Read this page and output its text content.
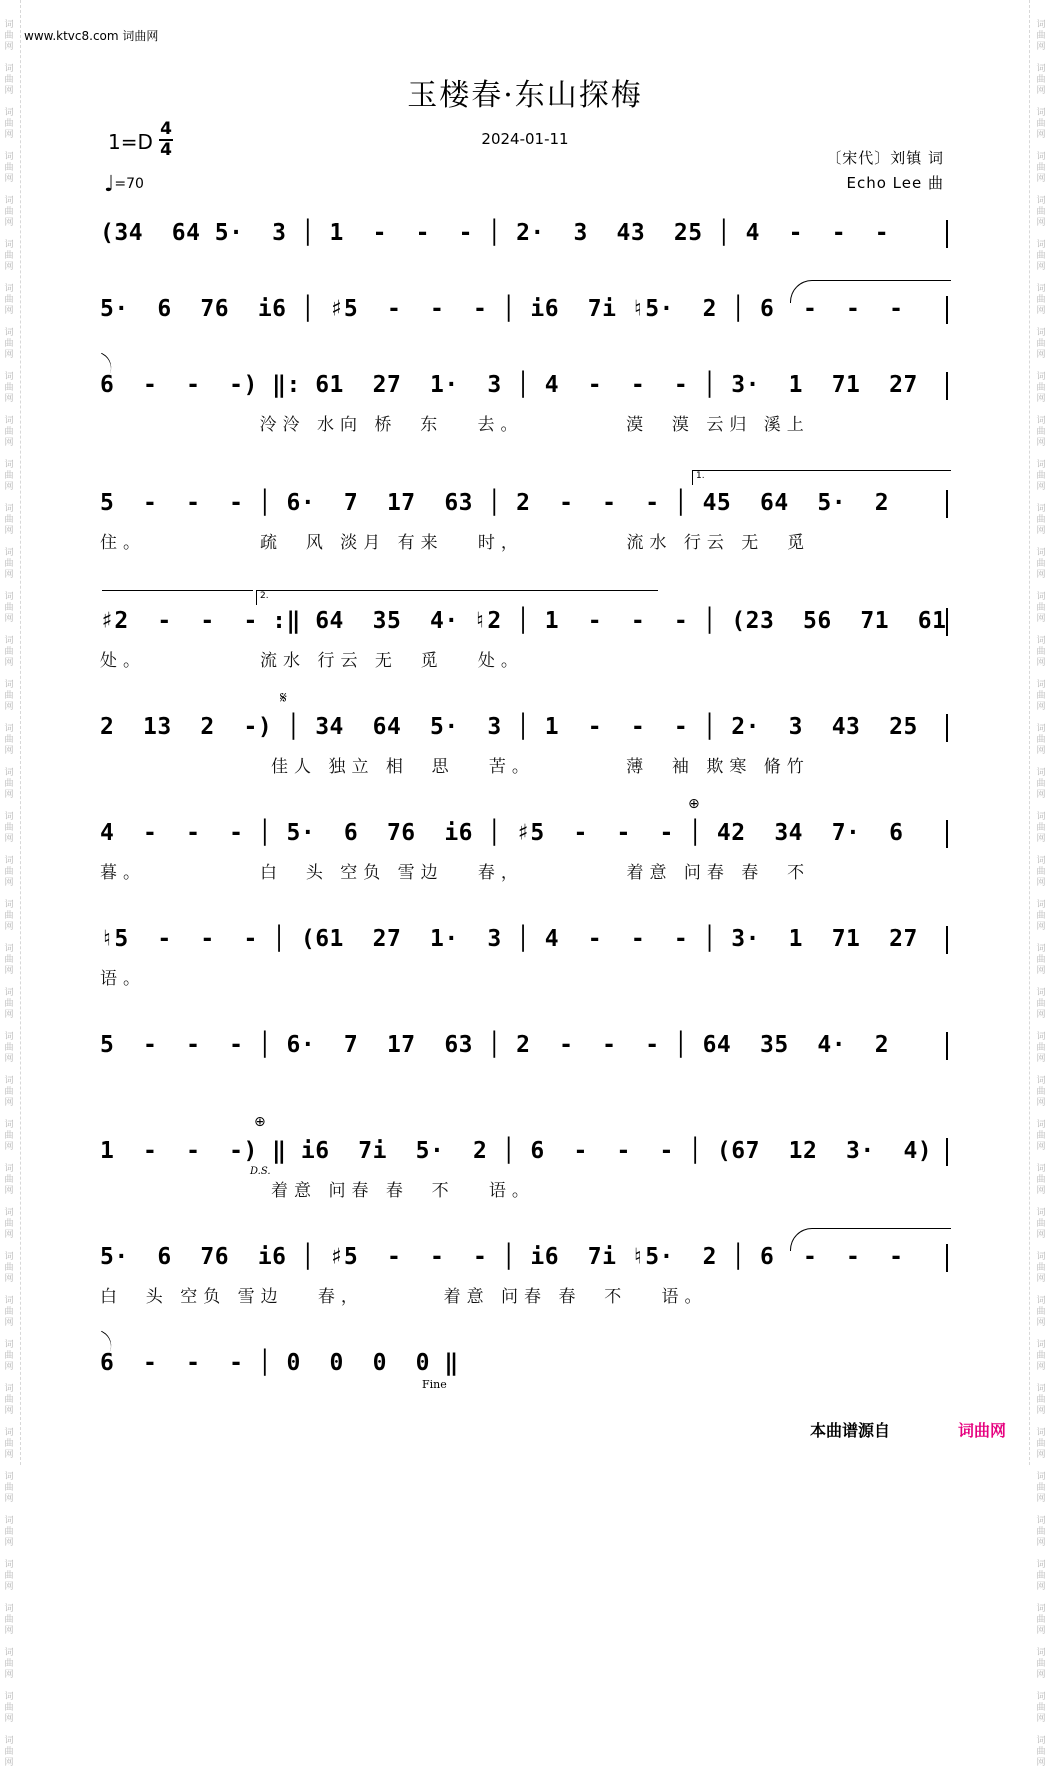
词
曲
网

词
曲
网

词
曲
网

词
曲
网

词
曲
网

词
曲
网

词
曲
网

词
曲
网

词
曲
网

词
曲
网

词
曲
网

词
曲
网

词
曲
网

词
曲
网

词
曲
网

词
曲
网

词
曲
网

词
曲
网

词
曲
网

词
曲
网

词
曲
网

词
曲
网

词
曲
网

词
曲
网

词
曲
网

词
曲
网

词
曲
网

词
曲
网

词
曲
网

词
曲
网

词
曲
网

词
曲
网

词
曲
网

词
曲
网

词
曲
网

词
曲
网

词
曲
网

词
曲
网

词
曲
网

词
曲
网
词
曲
网

词
曲
网

词
曲
网

词
曲
网

词
曲
网

词
曲
网

词
曲
网

词
曲
网

词
曲
网

词
曲
网

词
曲
网

词
曲
网

词
曲
网

词
曲
网

词
曲
网

词
曲
网

词
曲
网

词
曲
网

词
曲
网

词
曲
网

词
曲
网

词
曲
网

词
曲
网

词
曲
网

词
曲
网

词
曲
网

词
曲
网

词
曲
网

词
曲
网

词
曲
网

词
曲
网

词
曲
网

词
曲
网

词
曲
网

词
曲
网

词
曲
网

词
曲
网

词
曲
网

词
曲
网

词
曲
网
www.ktvc8.com 词曲网
玉楼春·东山探梅
2024-01-11
1=D
4
4
♩=70
〔宋代〕刘镇 词
Echo Lee 曲
(34  64 5·  3 │ 1  -  -  - │ 2·  3  43  25 │ 4  -  -  -
5·  6  76  i6 │ ♯5  -  -  - │ i6  7i ♮5·  2 │ 6  -  -  -
6  -  -  -) ‖: 61  27  1·  3 │ 4  -  -  - │ 3·  1  71  27
泠泠 水向 桥  东   去。         漠  漠 云归 溪上
1.
5  -  -  - │ 6·  7  17  63 │ 2  -  -  - │ 45  64  5·  2
住。          疏  风 淡月 有来   时，         流水 行云 无  觅
2.
♯2  -  -  - :‖ 64  35  4· ♮2 │ 1  -  -  - │ (23  56  71  61
处。          流水 行云 无  觅   处。
𝄋
2  13  2  -) │ 34  64  5·  3 │ 1  -  -  - │ 2·  3  43  25
佳人 独立 相  思   苦。        薄  袖 欺寒 脩竹
⊕
4  -  -  - │ 5·  6  76  i6 │ ♯5  -  -  - │ 42  34  7·  6
暮。          白  头 空负 雪边   春，         着意 问春 春  不
♮5  -  -  - │ (61  27  1·  3 │ 4  -  -  - │ 3·  1  71  27
语。
5  -  -  - │ 6·  7  17  63 │ 2  -  -  - │ 64  35  4·  2
⊕
D.S.
1  -  -  -) ‖ i6  7i  5·  2 │ 6  -  -  - │ (67  12  3·  4)
着意 问春 春  不   语。
5·  6  76  i6 │ ♯5  -  -  - │ i6  7i ♮5·  2 │ 6  -  -  -
白  头 空负 雪边   春，       着意 问春 春  不   语。
6  -  -  - │ 0  0  0  0 ‖
Fine
本曲谱源自	词曲网
